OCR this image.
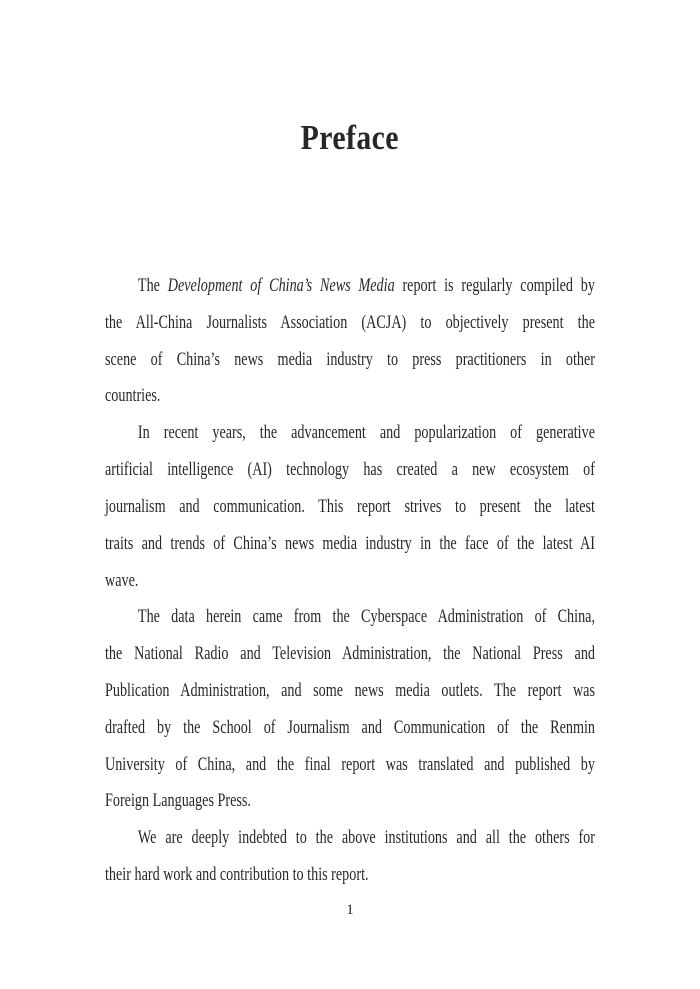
Preface
The Development of China’s News Media report is regularly compiled by
the All-China Journalists Association (ACJA) to objectively present the
scene of China’s news media industry to press practitioners in other
countries.
In recent years, the advancement and popularization of generative
artificial intelligence (AI) technology has created a new ecosystem of
journalism and communication. This report strives to present the latest
traits and trends of China’s news media industry in the face of the latest AI
wave.
The data herein came from the Cyberspace Administration of China,
the National Radio and Television Administration, the National Press and
Publication Administration, and some news media outlets. The report was
drafted by the School of Journalism and Communication of the Renmin
University of China, and the final report was translated and published by
Foreign Languages Press.
We are deeply indebted to the above institutions and all the others for
their hard work and contribution to this report.
1
